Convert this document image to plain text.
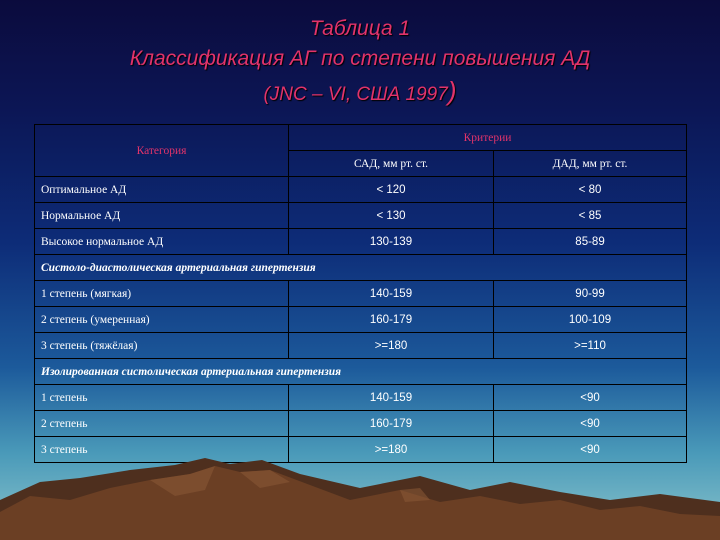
Таблица 1
Классификация АГ по степени повышения АД
(JNC – VI, США 1997)
Категория	Критерии	
	САД, мм рт. ст.	ДАД, мм рт. ст.
Оптимальное АД	< 120	< 80
Нормальное АД	< 130	< 85
Высокое нормальное АД	130-139	85-89
Систоло-диастолическая артериальная гипертензия		
1 степень (мягкая)	140-159	90-99
2 степень (умеренная)	160-179	100-109
3 степень (тяжёлая)	>=180	>=110
Изолированная систолическая артериальная гипертензия		
1 степень	140-159	<90
2 степень	160-179	<90
3 степень	>=180	<90
